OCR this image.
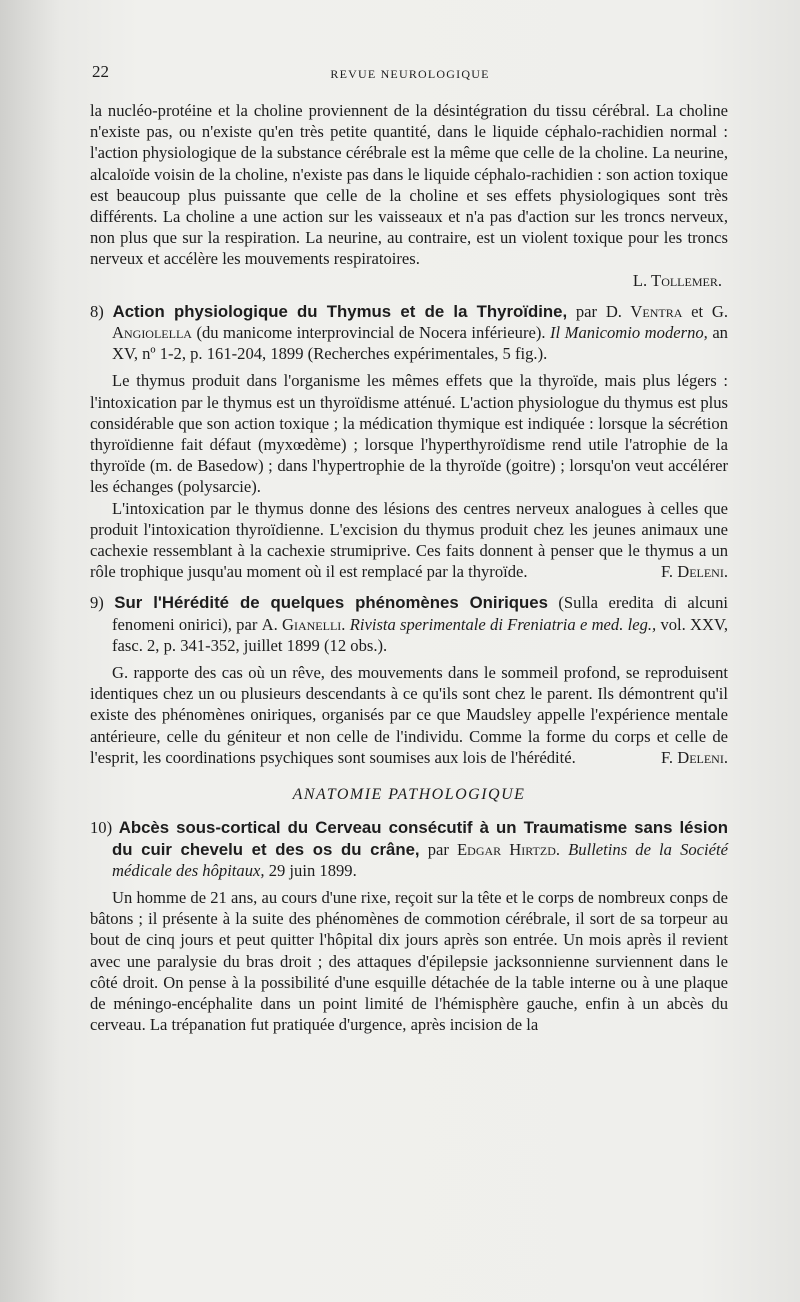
22	REVUE NEUROLOGIQUE

la nucléo-protéine et la choline proviennent de la désintégration du tissu cérébral. La choline n'existe pas, ou n'existe qu'en très petite quantité, dans le liquide céphalo-rachidien normal : l'action physiologique de la substance cérébrale est la même que celle de la choline. La neurine, alcaloïde voisin de la choline, n'existe pas dans le liquide céphalo-rachidien : son action toxique est beaucoup plus puissante que celle de la choline et ses effets physiologiques sont très différents. La choline a une action sur les vaisseaux et n'a pas d'action sur les troncs nerveux, non plus que sur la respiration. La neurine, au contraire, est un violent toxique pour les troncs nerveux et accélère les mouvements respiratoires.

L. Tollemer.

8) Action physiologique du Thymus et de la Thyroïdine, par D. Ventra et G. Angiolella (du manicome interprovincial de Nocera inférieure). Il Manicomio moderno, an XV, nº 1-2, p. 161-204, 1899 (Recherches expérimentales, 5 fig.).

Le thymus produit dans l'organisme les mêmes effets que la thyroïde, mais plus légers : l'intoxication par le thymus est un thyroïdisme atténué. L'action physiologue du thymus est plus considérable que son action toxique ; la médication thymique est indiquée : lorsque la sécrétion thyroïdienne fait défaut (myxœdème) ; lorsque l'hyperthyroïdisme rend utile l'atrophie de la thyroïde (m. de Basedow) ; dans l'hypertrophie de la thyroïde (goitre) ; lorsqu'on veut accélérer les échanges (polysarcie).

L'intoxication par le thymus donne des lésions des centres nerveux analogues à celles que produit l'intoxication thyroïdienne. L'excision du thymus produit chez les jeunes animaux une cachexie ressemblant à la cachexie strumiprive. Ces faits donnent à penser que le thymus a un rôle trophique jusqu'au moment où il est remplacé par la thyroïde.	F. Deleni.

9) Sur l'Hérédité de quelques phénomènes Oniriques (Sulla eredita di alcuni fenomeni onirici), par A. Gianelli. Rivista sperimentale di Freniatria e med. leg., vol. XXV, fasc. 2, p. 341-352, juillet 1899 (12 obs.).

G. rapporte des cas où un rêve, des mouvements dans le sommeil profond, se reproduisent identiques chez un ou plusieurs descendants à ce qu'ils sont chez le parent. Ils démontrent qu'il existe des phénomènes oniriques, organisés par ce que Maudsley appelle l'expérience mentale antérieure, celle du géniteur et non celle de l'individu. Comme la forme du corps et celle de l'esprit, les coordinations psychiques sont soumises aux lois de l'hérédité.	F. Deleni.

ANATOMIE PATHOLOGIQUE

10) Abcès sous-cortical du Cerveau consécutif à un Traumatisme sans lésion du cuir chevelu et des os du crâne, par Edgar Hirtzd. Bulletins de la Société médicale des hôpitaux, 29 juin 1899.

Un homme de 21 ans, au cours d'une rixe, reçoit sur la tête et le corps de nombreux conps de bâtons ; il présente à la suite des phénomènes de commotion cérébrale, il sort de sa torpeur au bout de cinq jours et peut quitter l'hôpital dix jours après son entrée. Un mois après il revient avec une paralysie du bras droit ; des attaques d'épilepsie jacksonnienne surviennent dans le côté droit. On pense à la possibilité d'une esquille détachée de la table interne ou à une plaque de méningo-encéphalite dans un point limité de l'hémisphère gauche, enfin à un abcès du cerveau. La trépanation fut pratiquée d'urgence, après incision de la
